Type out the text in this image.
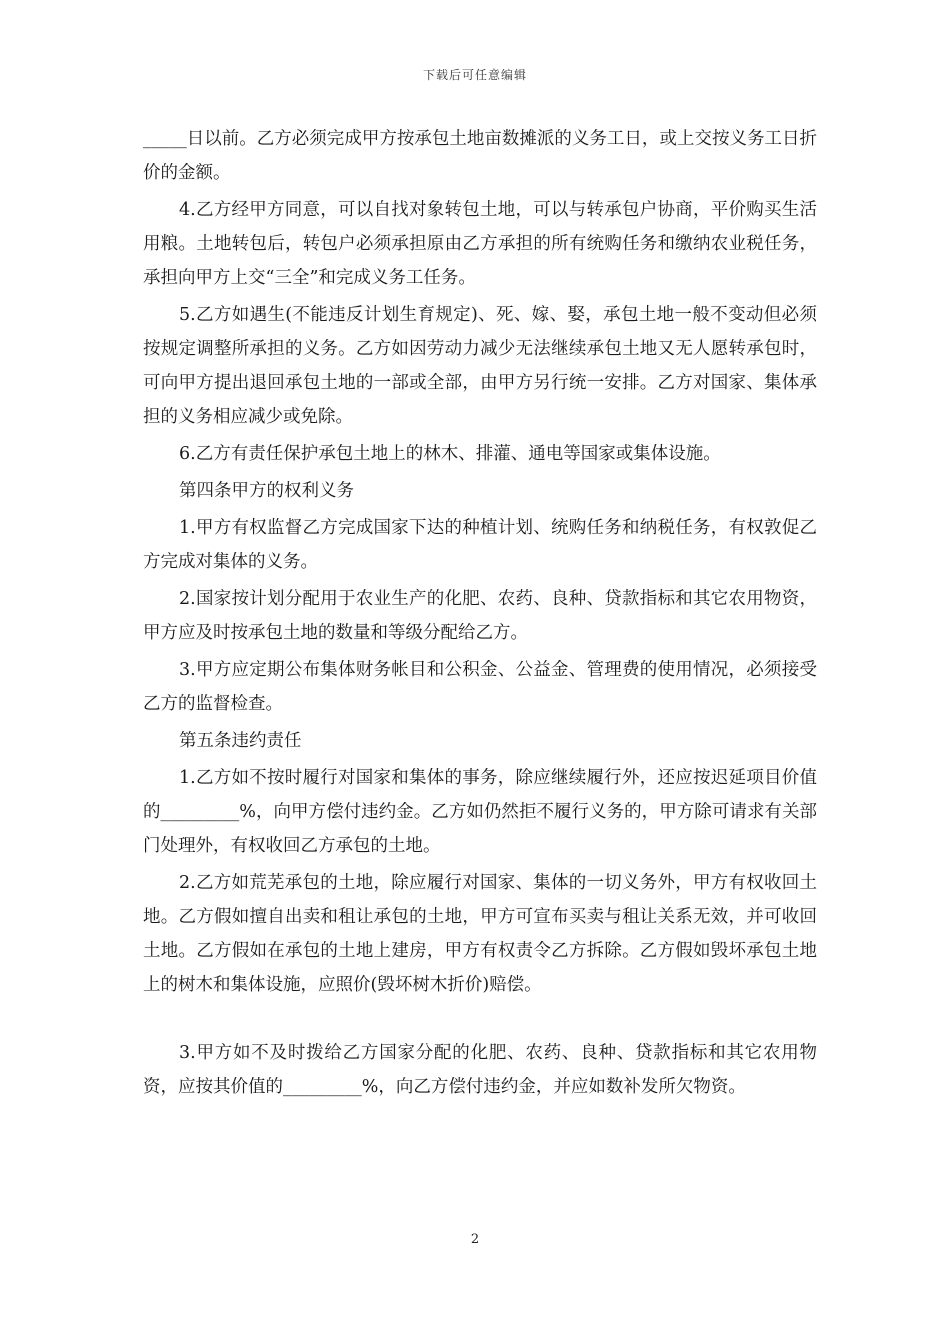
下载后可任意编辑

_____日以前。乙方必须完成甲方按承包土地亩数摊派的义务工日，或上交按义务工日折价的金额。

4.乙方经甲方同意，可以自找对象转包土地，可以与转承包户协商，平价购买生活用粮。土地转包后，转包户必须承担原由乙方承担的所有统购任务和缴纳农业税任务，承担向甲方上交“三全”和完成义务工任务。

5.乙方如遇生(不能违反计划生育规定)、死、嫁、娶，承包土地一般不变动但必须按规定调整所承担的义务。乙方如因劳动力减少无法继续承包土地又无人愿转承包时，可向甲方提出退回承包土地的一部或全部，由甲方另行统一安排。乙方对国家、集体承担的义务相应减少或免除。

6.乙方有责任保护承包土地上的林木、排灌、通电等国家或集体设施。

第四条甲方的权利义务

1.甲方有权监督乙方完成国家下达的种植计划、统购任务和纳税任务，有权敦促乙方完成对集体的义务。

2.国家按计划分配用于农业生产的化肥、农药、良种、贷款指标和其它农用物资，甲方应及时按承包土地的数量和等级分配给乙方。

3.甲方应定期公布集体财务帐目和公积金、公益金、管理费的使用情况，必须接受乙方的监督检查。

第五条违约责任

1.乙方如不按时履行对国家和集体的事务，除应继续履行外，还应按迟延项目价值的_________%，向甲方偿付违约金。乙方如仍然拒不履行义务的，甲方除可请求有关部门处理外，有权收回乙方承包的土地。

2.乙方如荒芜承包的土地，除应履行对国家、集体的一切义务外，甲方有权收回土地。乙方假如擅自出卖和租让承包的土地，甲方可宣布买卖与租让关系无效，并可收回土地。乙方假如在承包的土地上建房，甲方有权责令乙方拆除。乙方假如毁坏承包土地上的树木和集体设施，应照价(毁坏树木折价)赔偿。

3.甲方如不及时拨给乙方国家分配的化肥、农药、良种、贷款指标和其它农用物资，应按其价值的_________%，向乙方偿付违约金，并应如数补发所欠物资。

2
